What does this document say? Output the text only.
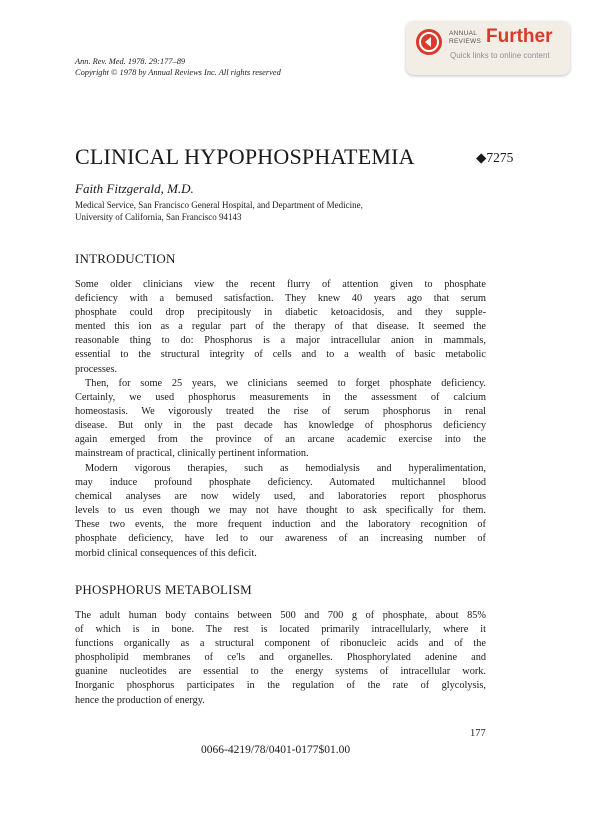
Ann. Rev. Med. 1978. 29:177–89
Copyright © 1978 by Annual Reviews Inc. All rights reserved
ANNUAL
REVIEWS Further
Quick links to online content
CLINICAL HYPOPHOSPHATEMIA	◆7275
Faith Fitzgerald, M.D.
Medical Service, San Francisco General Hospital, and Department of Medicine,
University of California, San Francisco 94143
INTRODUCTION
Some older clinicians view the recent flurry of attention given to phosphate
deficiency with a bemused satisfaction. They knew 40 years ago that serum
phosphate could drop precipitously in diabetic ketoacidosis, and they supple-
mented this ion as a regular part of the therapy of that disease. It seemed the
reasonable thing to do: Phosphorus is a major intracellular anion in mammals,
essential to the structural integrity of cells and to a wealth of basic metabolic
processes.
Then, for some 25 years, we clinicians seemed to forget phosphate deficiency.
Certainly, we used phosphorus measurements in the assessment of calcium
homeostasis. We vigorously treated the rise of serum phosphorus in renal
disease. But only in the past decade has knowledge of phosphorus deficiency
again emerged from the province of an arcane academic exercise into the
mainstream of practical, clinically pertinent information.
Modern vigorous therapies, such as hemodialysis and hyperalimentation,
may induce profound phosphate deficiency. Automated multichannel blood
chemical analyses are now widely used, and laboratories report phosphorus
levels to us even though we may not have thought to ask specifically for them.
These two events, the more frequent induction and the laboratory recognition of
phosphate deficiency, have led to our awareness of an increasing number of
morbid clinical consequences of this deficit.
PHOSPHORUS METABOLISM
The adult human body contains between 500 and 700 g of phosphate, about 85%
of which is in bone. The rest is located primarily intracellularly, where it
functions organically as a structural component of ribonucleic acids and of the
phospholipid membranes of ce'ls and organelles. Phosphorylated adenine and
guanine nucleotides are essential to the energy systems of intracellular work.
Inorganic phosphorus participates in the regulation of the rate of glycolysis,
hence the production of energy.
177
0066-4219/78/0401-0177$01.00
